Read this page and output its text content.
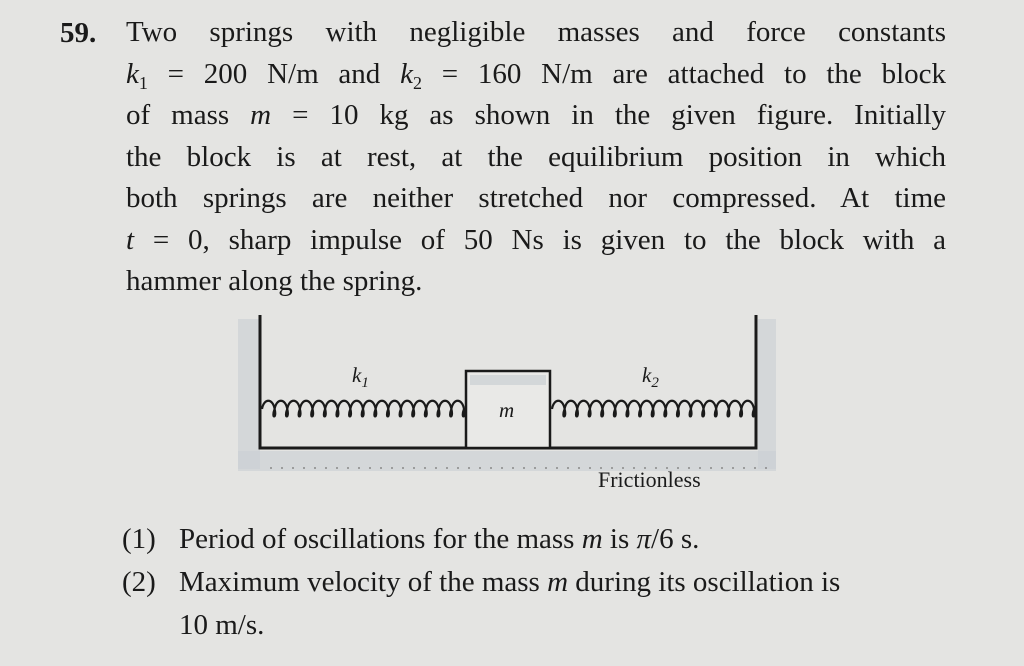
59. Two springs with negligible masses and force constants
$k_1 = 200$ N/m and $k_2 = 160$ N/m are attached to the block
of mass m = 10 kg as shown in the given figure. Initially
the block is at rest, at the equilibrium position in which
both springs are neither stretched nor compressed. At time
t = 0, sharp impulse of 50 Ns is given to the block with a
hammer along the spring.
$k_1$	$k_2$
m
Frictionless
(1) Period of oscillations for the mass m is π/6 s.
(2) Maximum velocity of the mass m during its oscillation is
10 m/s.
